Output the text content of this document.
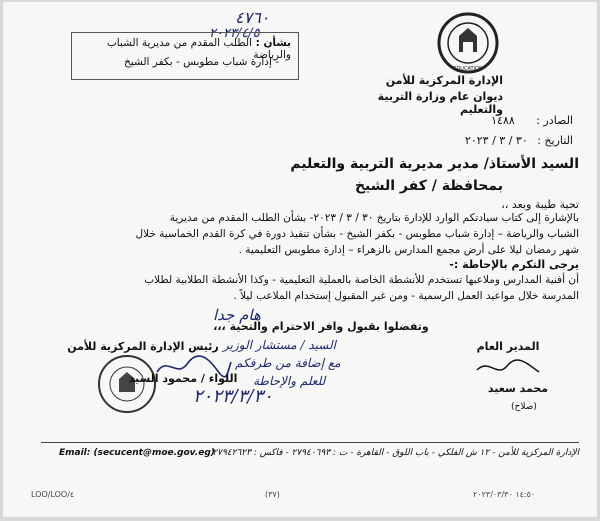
٤٧٦٠
٢٠٢٣/٤/٥
بشأن : الطلب المقدم من مديرية الشباب والرياضة
- إدارة شباب مطوبس - بكفر الشيخ
EDUCATION
الإدارة المركزية للأمن
ديوان عام وزارة التربية والتعليم
الصادر : ١٤٨٨
التاريخ : ٣٠ / ٣ / ٢٠٢٣
السيد الأستاذ/ مدير مديرية التربية والتعليم
بمحافظة / كفر الشيخ
تحية طيبة وبعد ،،
بالإشارة إلى كتاب سيادتكم الوارد للإدارة بتاريخ ٣٠ / ٣ / ٢٠٢٣- بشأن الطلب المقدم من مديرية
الشباب والرياضة – إدارة شباب مطوبس - بكفر الشيخ - بشأن تنفيذ دورة في كرة القدم الخماسية خلال
شهر رمضان ليلا على أرض مجمع المدارس بالزهراء – إدارة مطوبس التعليمية .
يرجى التكرم بالإحاطة :-
أن أفنية المدارس وملاعبها تستخدم للأنشطة الخاصة بالعملية التعليمية - وكذا الأنشطة الطلابية لطلاب
المدرسة خلال مواعيد العمل الرسمية - ومن غير المقبول إستخدام الملاعب ليلاً .
هام جدا
وتفضلوا بقبول وافر الاحترام والتحية ،،،
رئيس الإدارة المركزية للأمن	المدير العام
السيد / مستشار الوزير
مع إضافة من طرفكم
للعلم والإحاطة
٢٠٢٣/٣/٣٠
اللواء / محمود السيد
محمد سعيد
(صلاح)
الإدارة المركزية للأمن - ١٢ ش الفلكي - باب اللوق - القاهرة - ت : ٢٧٩٤٠٦٩٣ - فاكس : ٢٧٩٤٢٦٢٣
Email: (secucent@moe.gov.eg)
LOO/LOO/٤	(٣٧)	١٤:٥٠ ٢٠٢٣/٠٣/٣٠
